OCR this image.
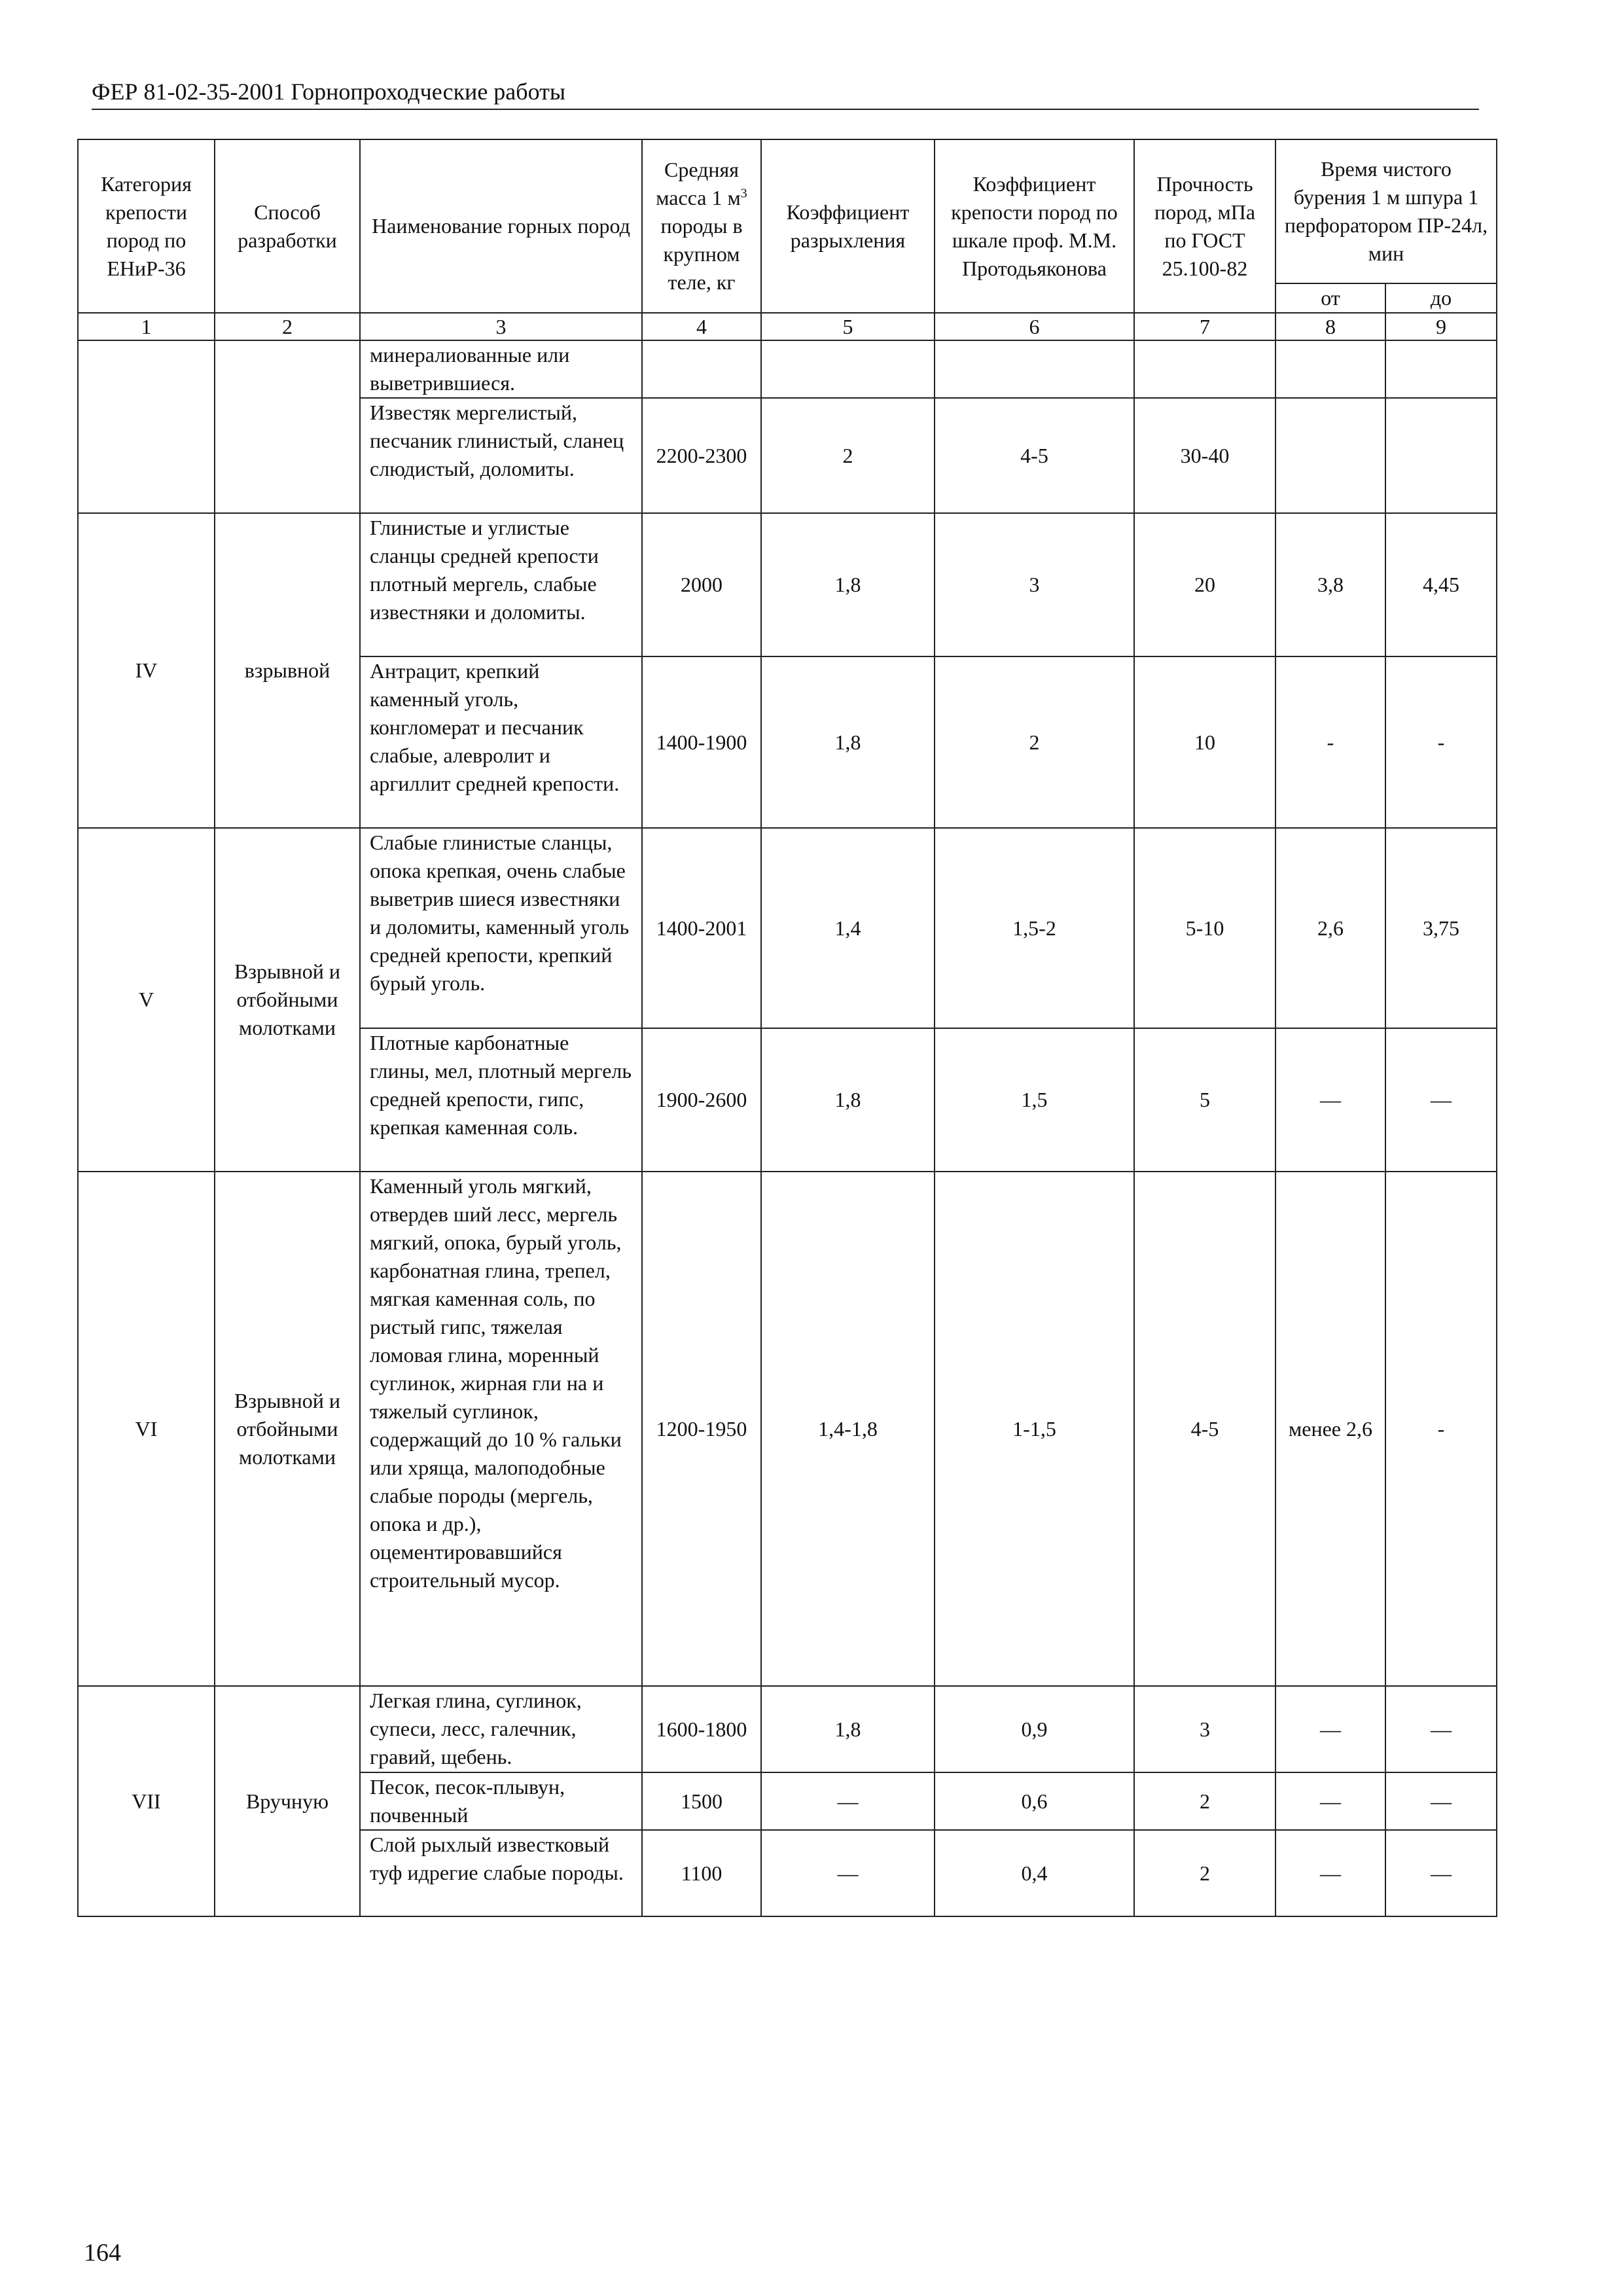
ФЕР 81-02-35-2001 Горнопроходческие работы
Категория крепости пород по ЕНиР-36	Способ разработки	Наименование горных пород	Средняя масса 1 $м^3$ породы в крупном теле, кг	Коэффициент разрыхления	Коэффициент крепости пород по шкале проф. М.М. Протодьяконова	Прочность пород, мПа по ГОСТ 25.100-82	Время чистого бурения 1 м шпура 1 перфоратором ПР-24л, мин	
							от	до
1	2	3	4	5	6	7	8	9
		минералиованные или выветрившиеся.						
		Известяк мергелистый, песчаник глинистый, сланец слюдистый, доломиты.	2200-2300	2	4-5	30-40		
IV	взрывной	Глинистые и углистые сланцы средней крепости плотный мергель, слабые известняки и доломиты.	2000	1,8	3	20	3,8	4,45
		Антрацит, крепкий каменный уголь, конгломерат и песчаник слабые, алевролит и аргиллит средней крепости.	1400-1900	1,8	2	10	-	-
V	Взрывной и отбойными молотками	Слабые глинистые сланцы, опока крепкая, очень слабые выветрив шиеся известняки и доломиты, каменный уголь средней крепости, крепкий бурый уголь.	1400-2001	1,4	1,5-2	5-10	2,6	3,75
		Плотные карбонатные глины, мел, плотный мергель средней крепости, гипс, крепкая каменная соль.	1900-2600	1,8	1,5	5	—	—
VI	Взрывной и отбойными молотками	Каменный уголь мягкий, отвердев ший лесс, мергель мягкий, опока, бурый уголь, карбонатная глина, трепел, мягкая каменная соль, по ристый гипс, тяжелая ломовая глина, моренный суглинок, жирная гли на и тяжелый суглинок, содержащий до 10 % гальки или хряща, малоподобные слабые породы (мергель, опока и др.), оцементировавшийся строительный мусор.	1200-1950	1,4-1,8	1-1,5	4-5	менее 2,6	-
VII	Вручную	Легкая глина, суглинок, супеси, лесс, галечник, гравий, щебень.	1600-1800	1,8	0,9	3	—	—
		Песок, песок-плывун, почвенный	1500	—	0,6	2	—	—
		Слой рыхлый известковый туф идрегие слабые породы.	1100	—	0,4	2	—	—
164
